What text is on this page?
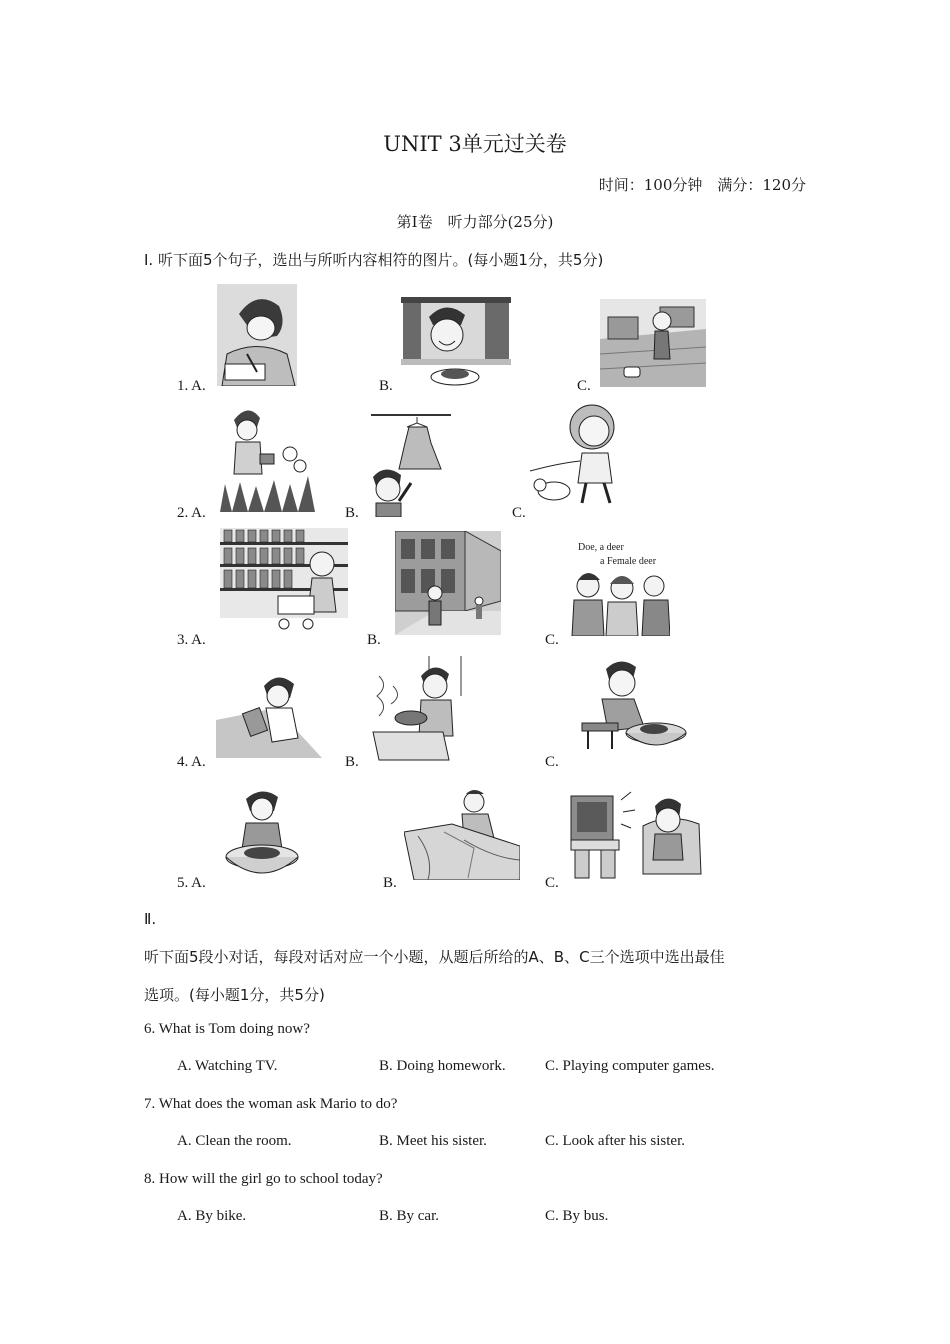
UNIT 3单元过关卷
时间：100分钟　满分：120分
第Ⅰ卷　听力部分(25分)
Ⅰ. 听下面5个句子，选出与所听内容相符的图片。(每小题1分，共5分)
1. A.	B.	C.
2. A.	B.	C.
3. A.	B.	C.
Doe, a deer
a Female deer
4. A.	B.	C.
5. A.	B.	C.
Ⅱ.
听下面5段小对话，每段对话对应一个小题，从题后所给的A、B、C三个选项中选出最佳
选项。(每小题1分，共5分)
6. What is Tom doing now?
A. Watching TV.	B. Doing homework.	C. Playing computer games.
7. What does the woman ask Mario to do?
A. Clean the room.	B. Meet his sister.	C. Look after his sister.
8. How will the girl go to school today?
A. By bike.	B. By car.	C. By bus.
